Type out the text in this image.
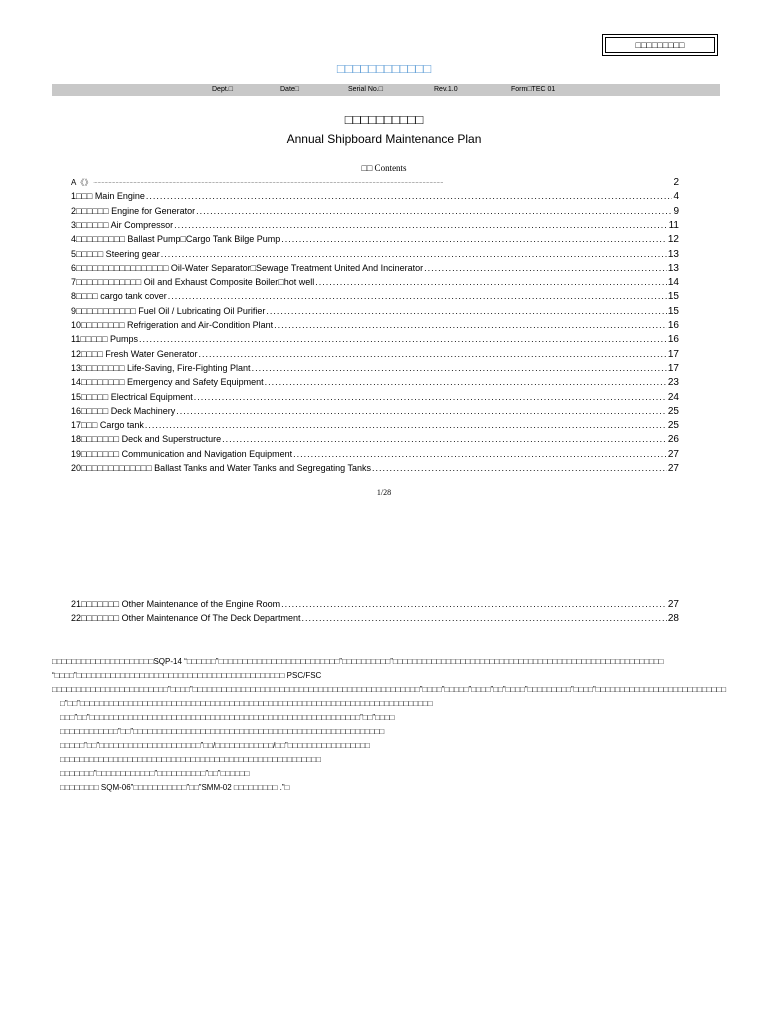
□□□□□□□□□
□□□□□□□□□□□□
Dept.□	Date□	Serial No.□	Rev.1.0	Form□TEC 01
□□□□□□□□□□
Annual Shipboard Maintenance Plan
□□ Contents
A《》 .....	2
1□□□ Main Engine .....	4
2□□□□□□ Engine for Generator .....	9
3□□□□□□ Air Compressor .....	11
4□□□□□□□□□ Ballast Pump□Cargo Tank Bilge Pump .....	12
5□□□□□ Steering gear .....	13
6□□□□□□□□□□□□□□□□□ Oil-Water Separator□Sewage Treatment United And Incinerator .....	13
7□□□□□□□□□□□□ Oil and Exhaust Composite Boiler□hot well .....	14
8□□□□ cargo tank cover .....	15
9□□□□□□□□□□□ Fuel Oil / Lubricating Oil Purifier .....	15
10□□□□□□□□ Refrigeration and Air-Condition Plant .....	16
11□□□□□ Pumps .....	16
12□□□□ Fresh Water Generator .....	17
13□□□□□□□□ Life-Saving, Fire-Fighting Plant .....	17
14□□□□□□□□ Emergency and Safety Equipment .....	23
15□□□□□ Electrical Equipment .....	24
16□□□□□ Deck Machinery .....	25
17□□□ Cargo tank .....	25
18□□□□□□□ Deck and Superstructure .....	26
19□□□□□□□ Communication and Navigation Equipment .....	27
20□□□□□□□□□□□□□ Ballast Tanks and Water Tanks and Segregating Tanks .....	27
1/28
21□□□□□□□ Other Maintenance of the Engine Room .....	27
22□□□□□□□ Other Maintenance Of The Deck Department .....	28

□□□□□□□□□□□□□□□□□□□□□SQP-14 “□□□□□□”□□□□□□□□□□□□□□□□□□□□□□□□□”□□□□□□□□□□”□□□□□□□□□□□□□□□□□□□□□□□□□□□□□□□□□□□□□□□□□□□□□□□□□□□□□□□□ “□□□□”□□□□□□□□□□□□□□□□□□□□□□□□□□□□□□□□□□□□□□□□□□□ PSC/FSC □□□□□□□□□□□□□□□□□□□□□□□□”□□□□”□□□□□□□□□□□□□□□□□□□□□□□□□□□□□□□□□□□□□□□□□□□□□□□”□□□□”□□□□□”□□□□”□□”□□□□”□□□□□□□□□”□□□□”□□□□□□□□□□□□□□□□□□□□□□□□□□□

□”□□”□□□□□□□□□□□□□□□□□□□□□□□□□□□□□□□□□□□□□□□□□□□□□□□□□□□□□□□□□□□□□□□□□□□□□□□□□

□□□”□□”□□□□□□□□□□□□□□□□□□□□□□□□□□□□□□□□□□□□□□□□□□□□□□□□□□□□□□□□”□□”□□□□

□□□□□□□□□□□□”□□”□□□□□□□□□□□□□□□□□□□□□□□□□□□□□□□□□□□□□□□□□□□□□□□□□□□□

□□□□□”□□”□□□□□□□□□□□□□□□□□□□□□”□□/□□□□□□□□□□□□/□□”□□□□□□□□□□□□□□□□□

□□□□□□□□□□□□□□□□□□□□□□□□□□□□□□□□□□□□□□□□□□□□□□□□□□□□□□

□□□□□□□”□□□□□□□□□□□□”□□□□□□□□□□”□□”□□□□□□

□□□□□□□□ SQM-06”□□□□□□□□□□□”□□”SMM-02 □□□□□□□□□ .”□
